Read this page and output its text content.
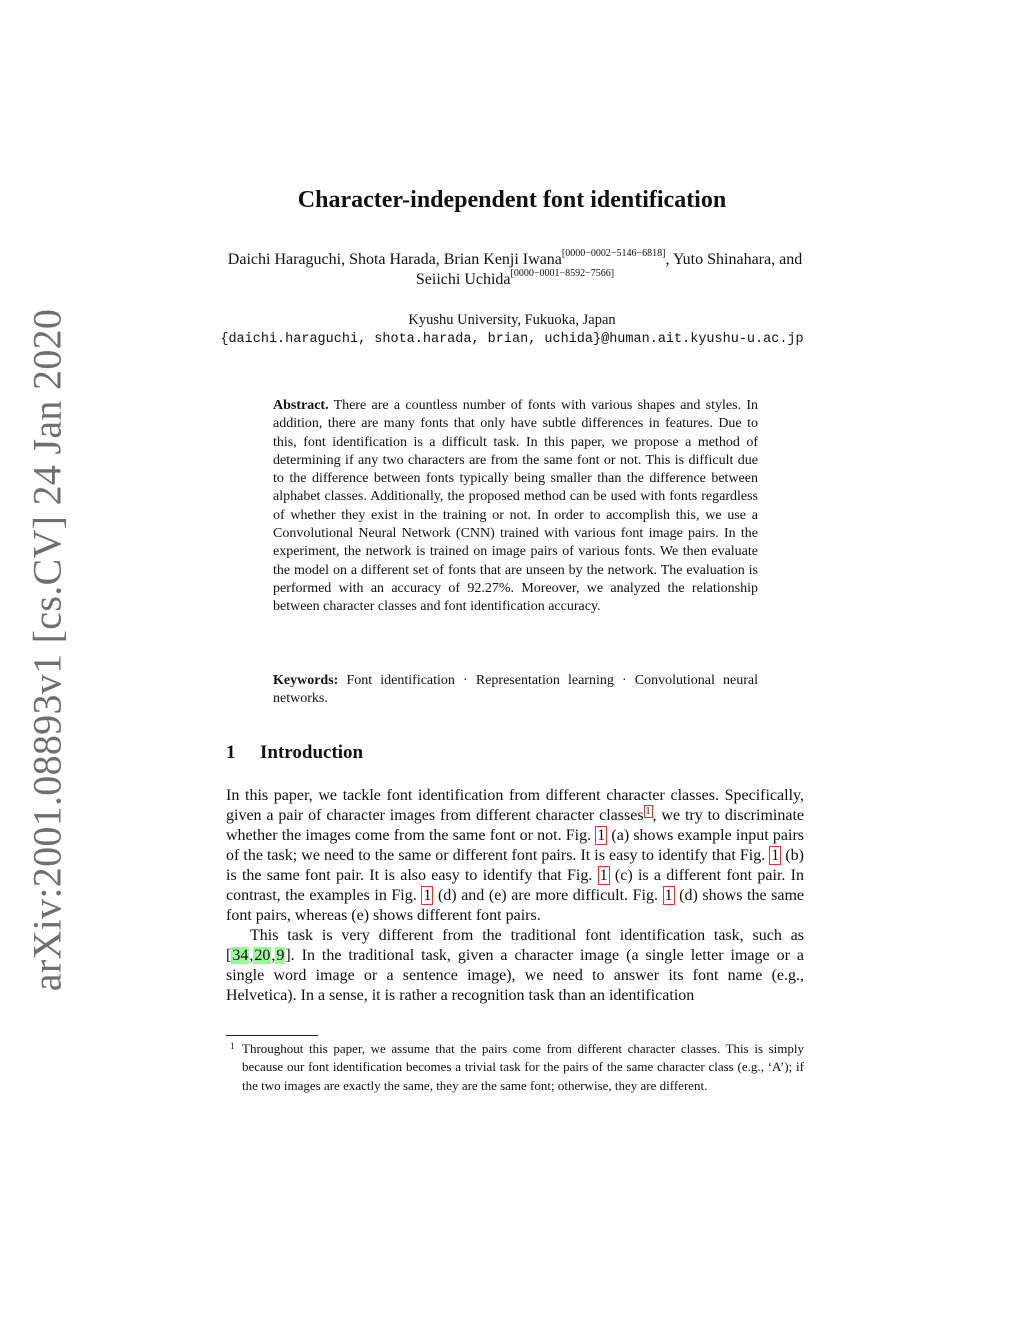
arXiv:2001.08893v1 [cs.CV] 24 Jan 2020
Character-independent font identification
Daichi Haraguchi, Shota Harada, Brian Kenji Iwana[0000−0002−5146−6818], Yuto Shinahara, and Seiichi Uchida[0000−0001−8592−7566]
Kyushu University, Fukuoka, Japan
{daichi.haraguchi, shota.harada, brian, uchida}@human.ait.kyushu-u.ac.jp
Abstract. There are a countless number of fonts with various shapes and styles. In addition, there are many fonts that only have subtle differences in features. Due to this, font identification is a difficult task. In this paper, we propose a method of determining if any two characters are from the same font or not. This is difficult due to the difference between fonts typically being smaller than the difference between alphabet classes. Additionally, the proposed method can be used with fonts regardless of whether they exist in the training or not. In order to accomplish this, we use a Convolutional Neural Network (CNN) trained with various font image pairs. In the experiment, the network is trained on image pairs of various fonts. We then evaluate the model on a different set of fonts that are unseen by the network. The evaluation is performed with an accuracy of 92.27%. Moreover, we analyzed the relationship between character classes and font identification accuracy.
Keywords: Font identification · Representation learning · Convolutional neural networks.
1 Introduction

In this paper, we tackle font identification from different character classes. Specifically, given a pair of character images from different character classes $^1$ , we try to discriminate whether the images come from the same font or not. Fig. 1 (a) shows example input pairs of the task; we need to the same or different font pairs. It is easy to identify that Fig. 1 (b) is the same font pair. It is also easy to identify that Fig. 1 (c) is a different font pair. In contrast, the examples in Fig. 1 (d) and (e) are more difficult. Fig. 1 (d) shows the same font pairs, whereas (e) shows different font pairs.

This task is very different from the traditional font identification task, such as [34,20,9]. In the traditional task, given a character image (a single letter image or a single word image or a sentence image), we need to answer its font name (e.g., Helvetica). In a sense, it is rather a recognition task than an identification

1 Throughout this paper, we assume that the pairs come from different character classes. This is simply because our font identification becomes a trivial task for the pairs of the same character class (e.g., ‘A’); if the two images are exactly the same, they are the same font; otherwise, they are different.
